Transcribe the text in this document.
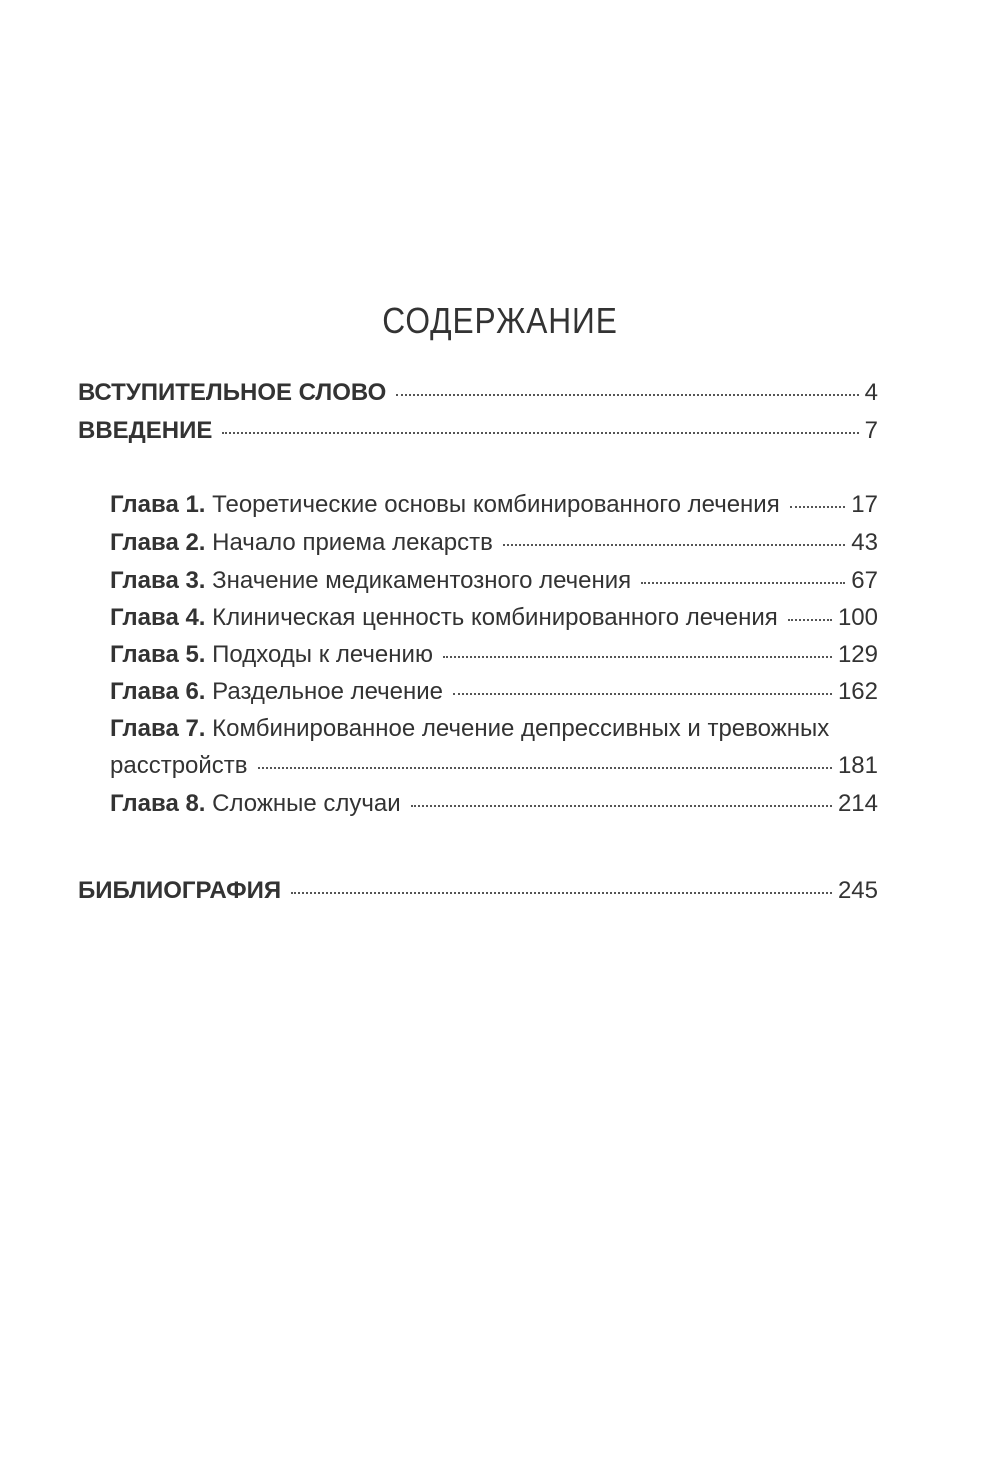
СОДЕРЖАНИЕ
ВСТУПИТЕЛЬНОЕ СЛОВО	4
ВВЕДЕНИЕ	7
Глава 1. Теоретические основы комбинированного лечения	17
Глава 2. Начало приема лекарств	43
Глава 3. Значение медикаментозного лечения	67
Глава 4. Клиническая ценность комбинированного лечения	100
Глава 5. Подходы к лечению	129
Глава 6. Раздельное лечение	162
Глава 7. Комбинированное лечение депрессивных и тревожных
расстройств	181
Глава 8. Сложные случаи	214
БИБЛИОГРАФИЯ	245
